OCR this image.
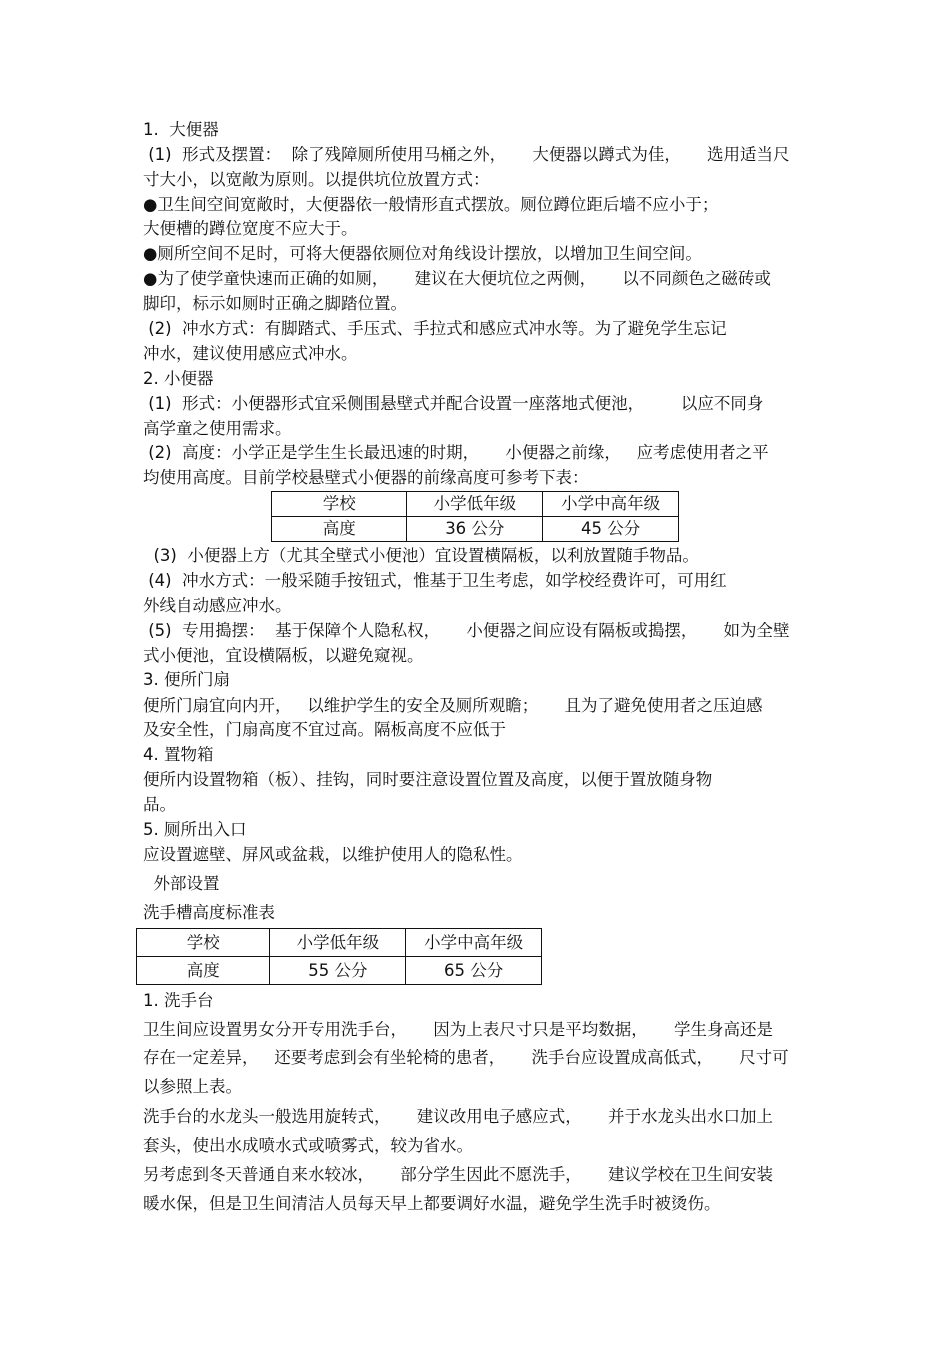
1.  大便器
(1)  形式及摆置：  除了残障厕所使用马桶之外，     大便器以蹲式为佳，     选用适当尺
寸大小，以宽敞为原则。以提供坑位放置方式：
●卫生间空间宽敞时，大便器依一般情形直式摆放。厕位蹲位距后墙不应小于；
大便槽的蹲位宽度不应大于。
●厕所空间不足时，可将大便器依厕位对角线设计摆放，以增加卫生间空间。
●为了使学童快速而正确的如厕，     建议在大便坑位之两侧，     以不同颜色之磁砖或
脚印，标示如厕时正确之脚踏位置。
(2)  冲水方式：有脚踏式、手压式、手拉式和感应式冲水等。为了避免学生忘记
冲水，建议使用感应式冲水。
2. 小便器
(1)  形式：小便器形式宜采侧围悬壁式并配合设置一座落地式便池，       以应不同身
高学童之使用需求。
(2)  高度：小学正是学生生长最迅速的时期，     小便器之前缘，   应考虑使用者之平
均使用高度。目前学校悬壁式小便器的前缘高度可参考下表：
学校	小学低年级	小学中高年级
高度	36 公分	45 公分
(3)  小便器上方（尤其全壁式小便池）宜设置横隔板，以利放置随手物品。
(4)  冲水方式：一般采随手按钮式，惟基于卫生考虑，如学校经费许可，可用红
外线自动感应冲水。
(5)  专用搗摆：  基于保障个人隐私权，     小便器之间应设有隔板或搗摆，     如为全壁
式小便池，宜设横隔板，以避免窥视。
3. 便所门扇
便所门扇宜向内开，   以维护学生的安全及厕所观瞻；     且为了避免使用者之压迫感
及安全性，门扇高度不宜过高。隔板高度不应低于
4. 置物箱
便所内设置物箱（板）、挂钩，同时要注意设置位置及高度，以便于置放随身物
品。
5. 厕所出入口
应设置遮壁、屏风或盆栽，以维护使用人的隐私性。
外部设置
洗手槽高度标准表
学校	小学低年级	小学中高年级
高度	55 公分	65 公分
1. 洗手台
卫生间应设置男女分开专用洗手台，     因为上表尺寸只是平均数据，     学生身高还是
存在一定差异，   还要考虑到会有坐轮椅的患者，     洗手台应设置成高低式，     尺寸可
以参照上表。
洗手台的水龙头一般选用旋转式，     建议改用电子感应式，     并于水龙头出水口加上
套头，使出水成喷水式或喷雾式，较为省水。
另考虑到冬天普通自来水较冰，     部分学生因此不愿洗手，     建议学校在卫生间安装
暖水保，但是卫生间清洁人员每天早上都要调好水温，避免学生洗手时被烫伤。
